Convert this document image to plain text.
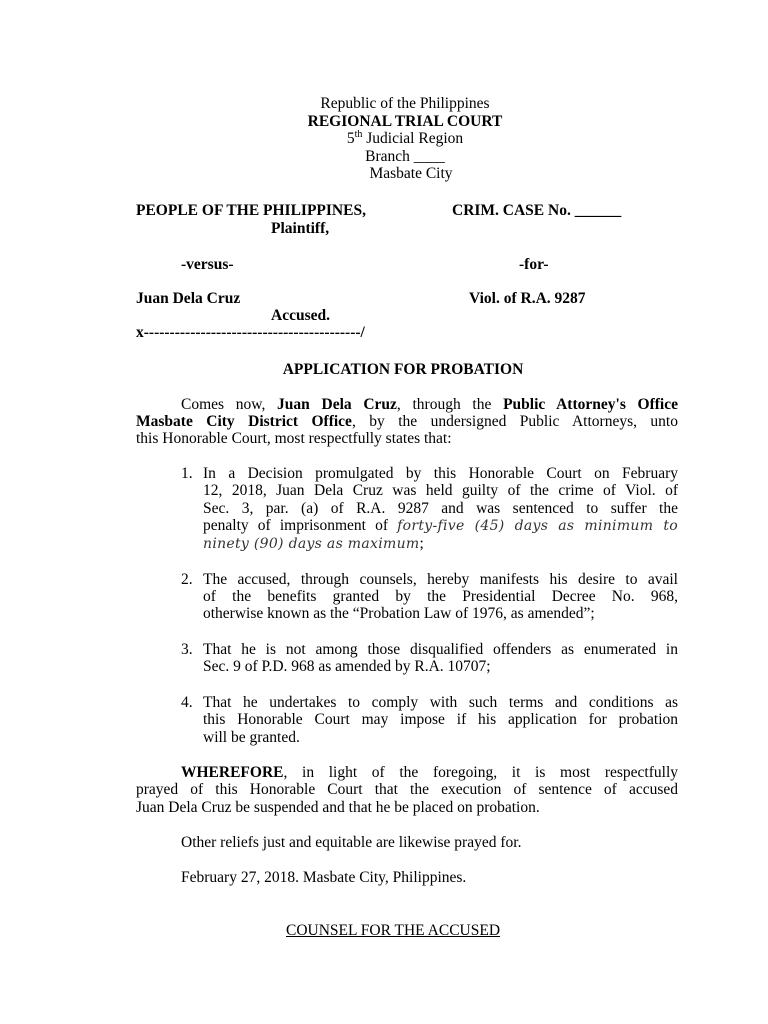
Republic of the Philippines
REGIONAL TRIAL COURT
5th Judicial Region
Branch ____
Masbate City
PEOPLE OF THE PHILIPPINES,	CRIM. CASE No. ______
Plaintiff,
-versus-	-for-
Juan Dela Cruz	Viol. of R.A. 9287
Accused.
x------------------------------------------/
APPLICATION FOR PROBATION
Comes now, Juan Dela Cruz, through the Public Attorney's Office
Masbate City District Office, by the undersigned Public Attorneys, unto
this Honorable Court, most respectfully states that:
1. In a Decision promulgated by this Honorable Court on February
12, 2018, Juan Dela Cruz was held guilty of the crime of Viol. of
Sec. 3, par. (a) of R.A. 9287 and was sentenced to suffer the
penalty of imprisonment of forty-five (45) days as minimum to
ninety (90) days as maximum;
2. The accused, through counsels, hereby manifests his desire to avail
of the benefits granted by the Presidential Decree No. 968,
otherwise known as the “Probation Law of 1976, as amended”;
3. That he is not among those disqualified offenders as enumerated in
Sec. 9 of P.D. 968 as amended by R.A. 10707;
4. That he undertakes to comply with such terms and conditions as
this Honorable Court may impose if his application for probation
will be granted.
WHEREFORE, in light of the foregoing, it is most respectfully
prayed of this Honorable Court that the execution of sentence of accused
Juan Dela Cruz be suspended and that he be placed on probation.
Other reliefs just and equitable are likewise prayed for.
February 27, 2018. Masbate City, Philippines.
COUNSEL FOR THE ACCUSED
